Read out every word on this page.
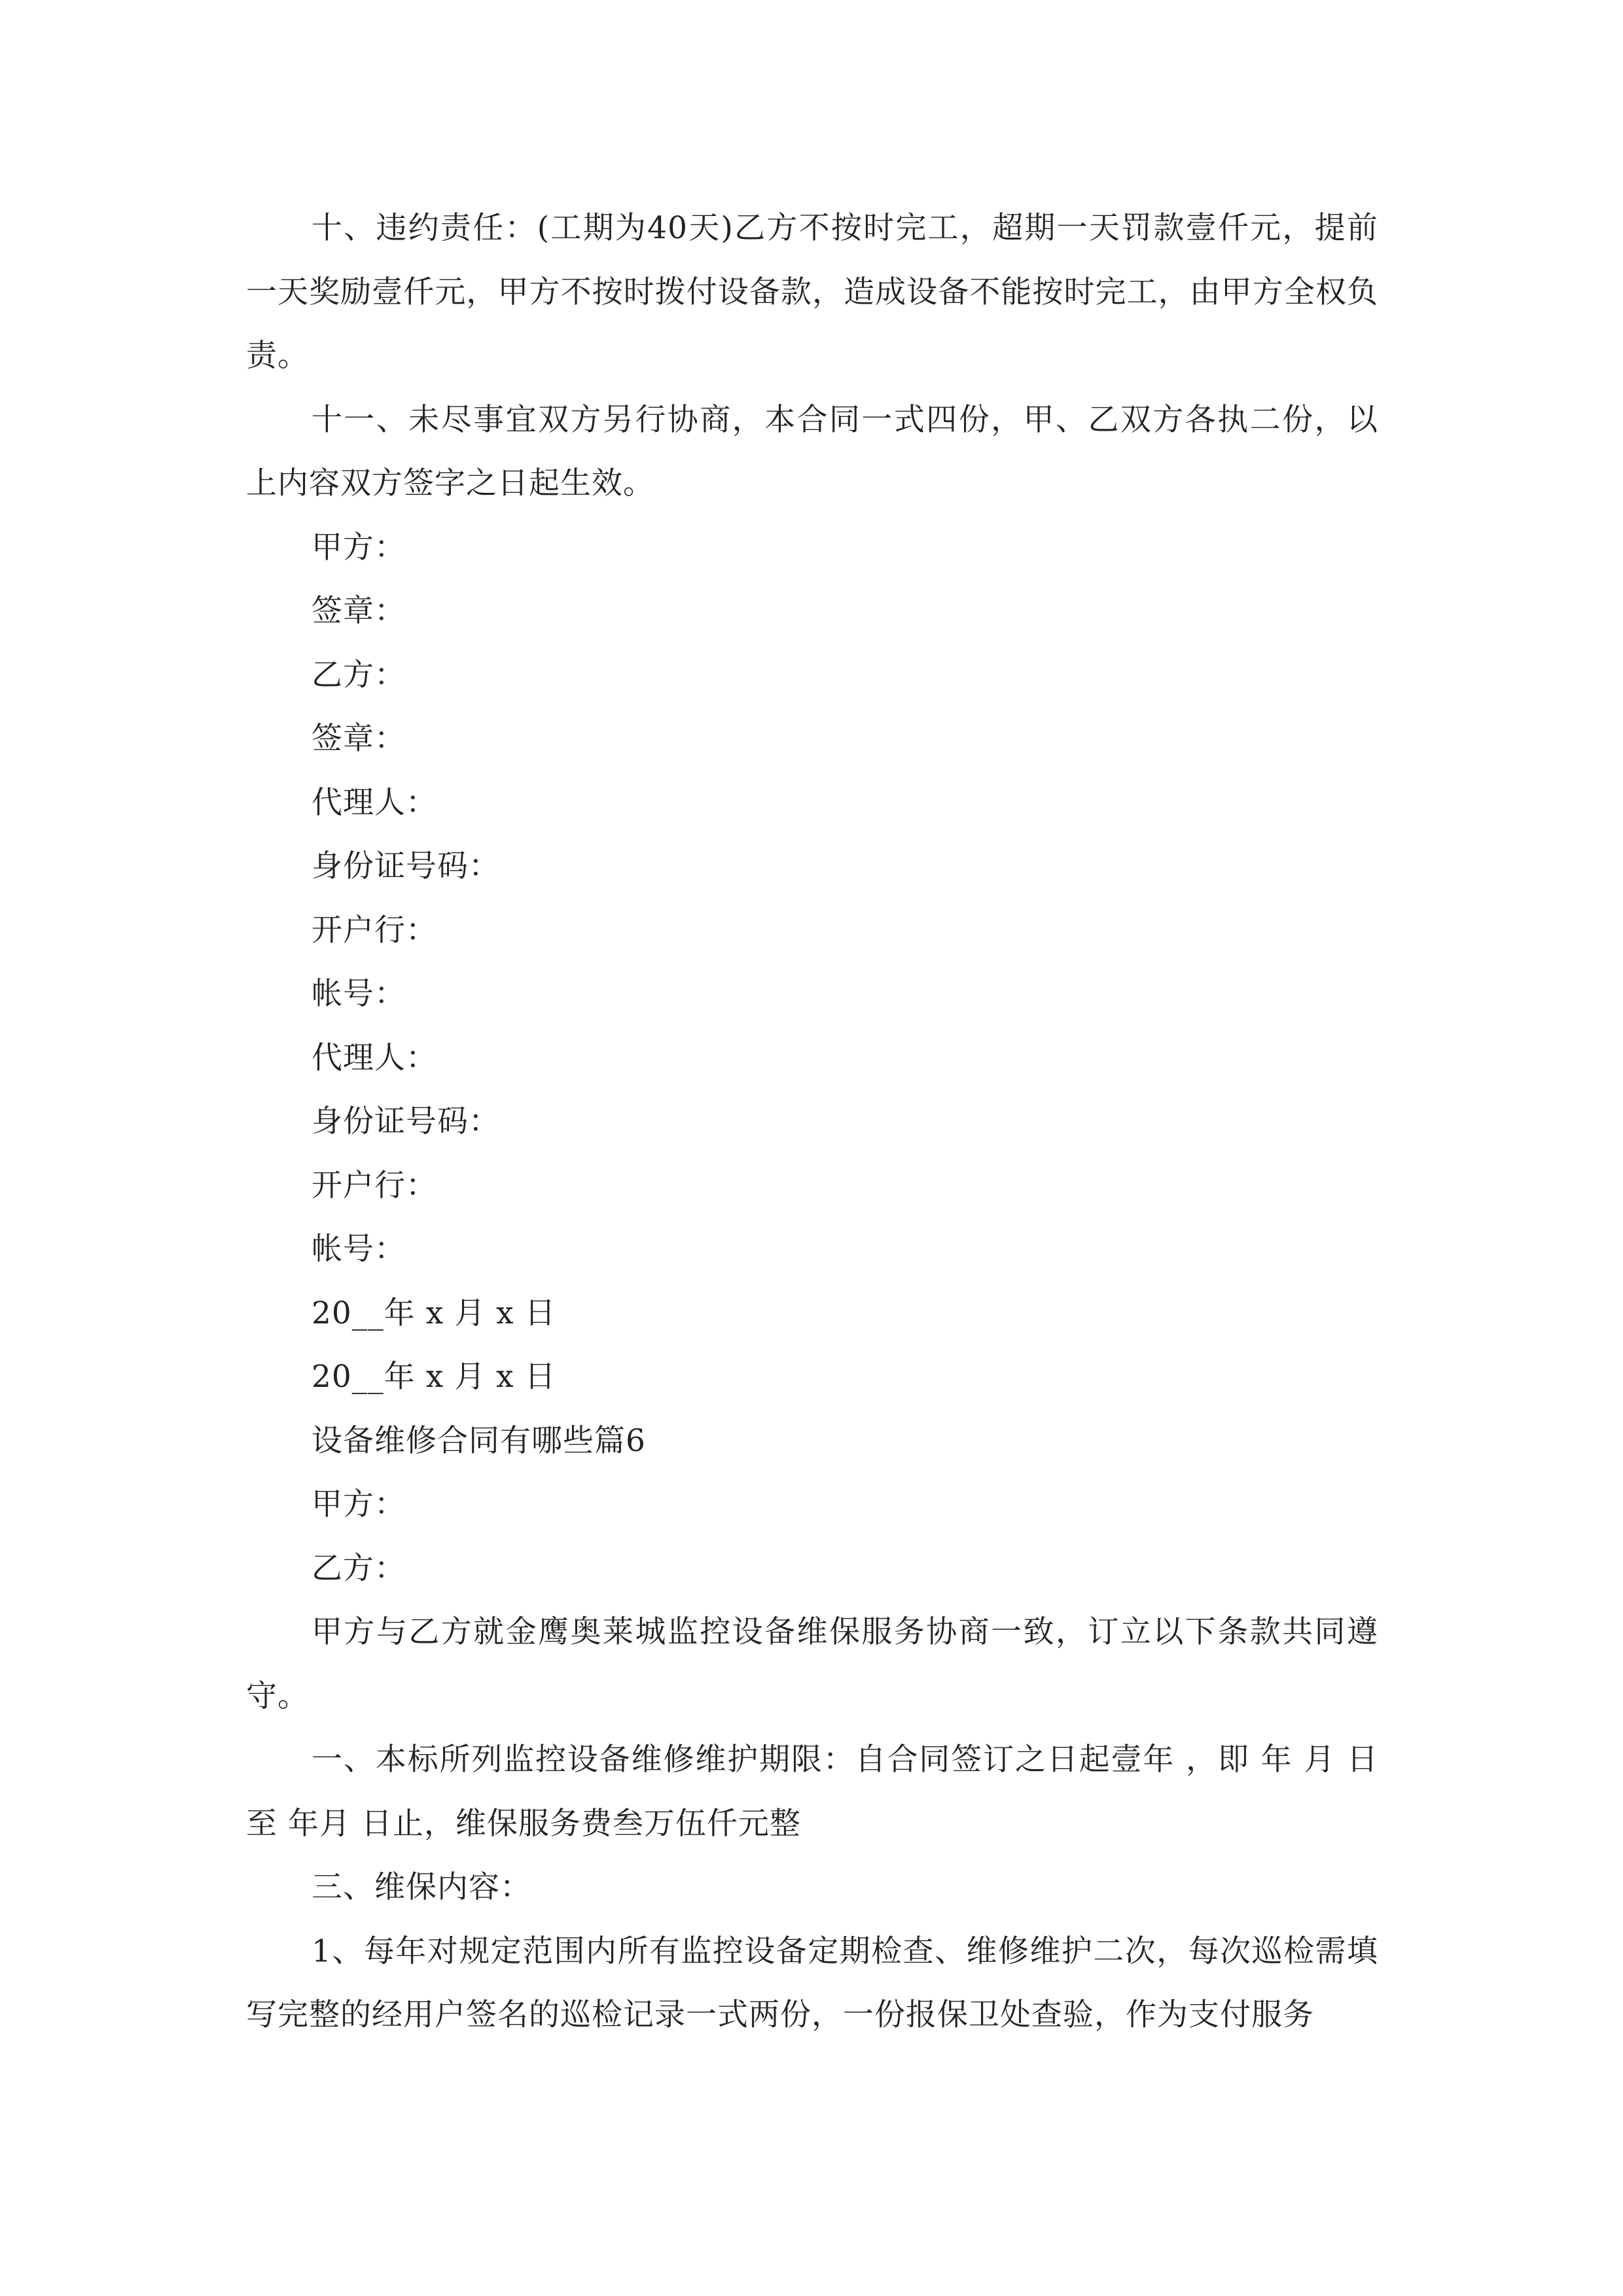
十、违约责任：(工期为40天)乙方不按时完工，超期一天罚款壹仟元，提前一天奖励壹仟元，甲方不按时拨付设备款，造成设备不能按时完工，由甲方全权负责。

十一、未尽事宜双方另行协商，本合同一式四份，甲、乙双方各执二份，以上内容双方签字之日起生效。

甲方：

签章：

乙方：

签章：

代理人：

身份证号码：

开户行：

帐号：

代理人：

身份证号码：

开户行：

帐号：

20__年 x 月 x 日

20__年 x 月 x 日

设备维修合同有哪些篇6

甲方：

乙方：

甲方与乙方就金鹰奥莱城监控设备维保服务协商一致，订立以下条款共同遵守。

一、本标所列监控设备维修维护期限：自合同签订之日起壹年 ，即 年 月 日至 年月 日止，维保服务费叁万伍仟元整

三、维保内容：

1、每年对规定范围内所有监控设备定期检查、维修维护二次，每次巡检需填写完整的经用户签名的巡检记录一式两份，一份报保卫处查验，作为支付服务
